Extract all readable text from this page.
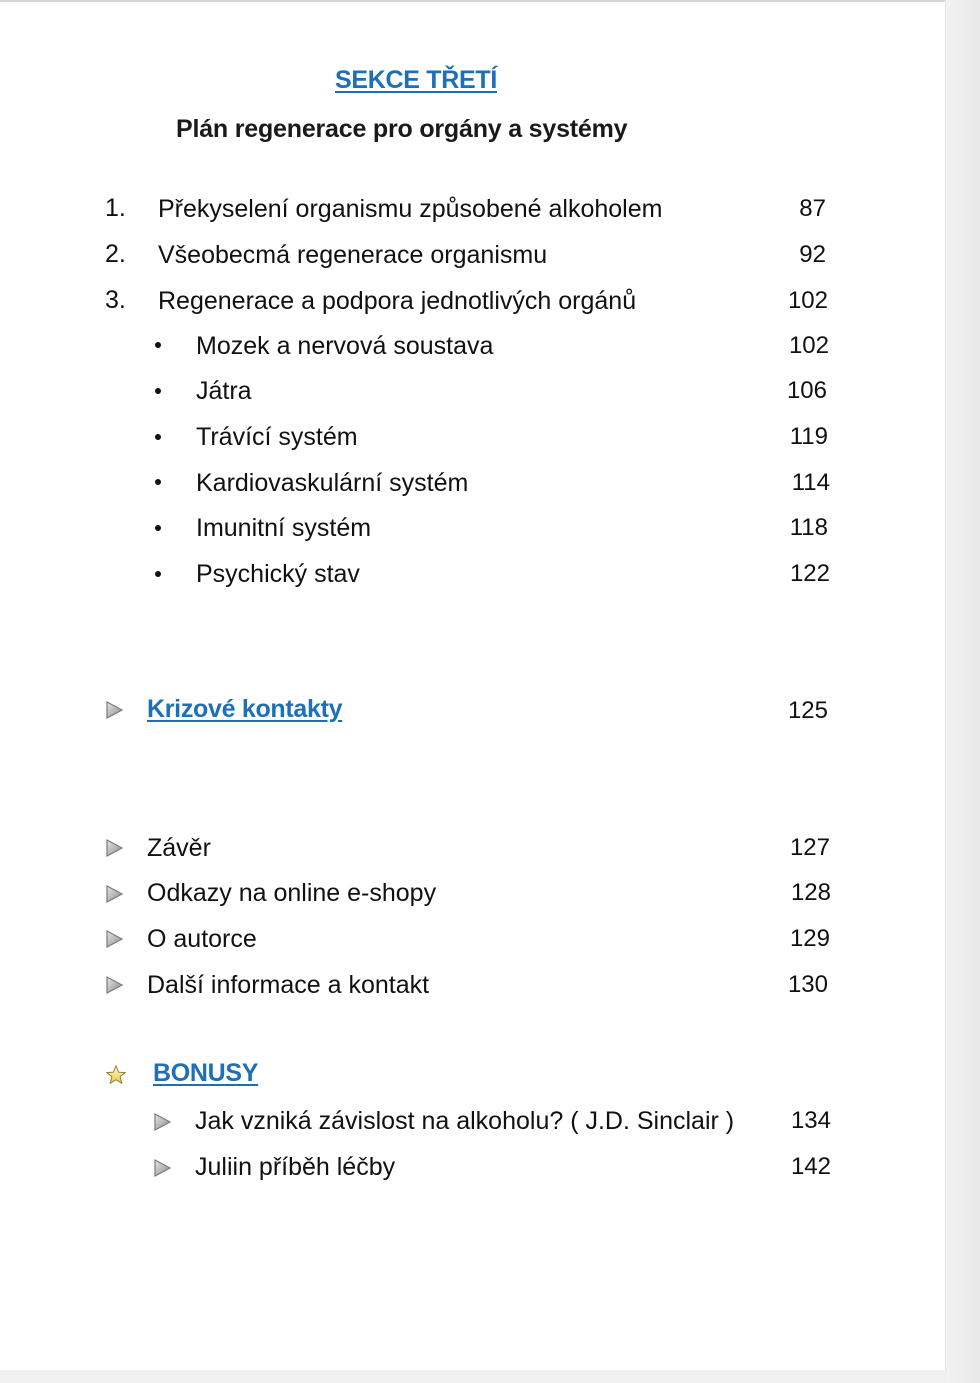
SEKCE TŘETÍ
Plán regenerace pro orgány a systémy
1. Překyselení organismu způsobené alkoholem	87
2. Všeobecmá regenerace organismu	92
3. Regenerace a podpora jednotlivých orgánů	102
Mozek a nervová soustava	102
Játra	106
Trávící systém	119
Kardiovaskulární systém	114
Imunitní systém	118
Psychický stav	122
Krizové kontakty	125
Závěr	127
Odkazy na online e-shopy	128
O autorce	129
Další informace a kontakt	130
BONUSY
Jak vzniká závislost na alkoholu? ( J.D. Sinclair )	134
Juliin příběh léčby	142
